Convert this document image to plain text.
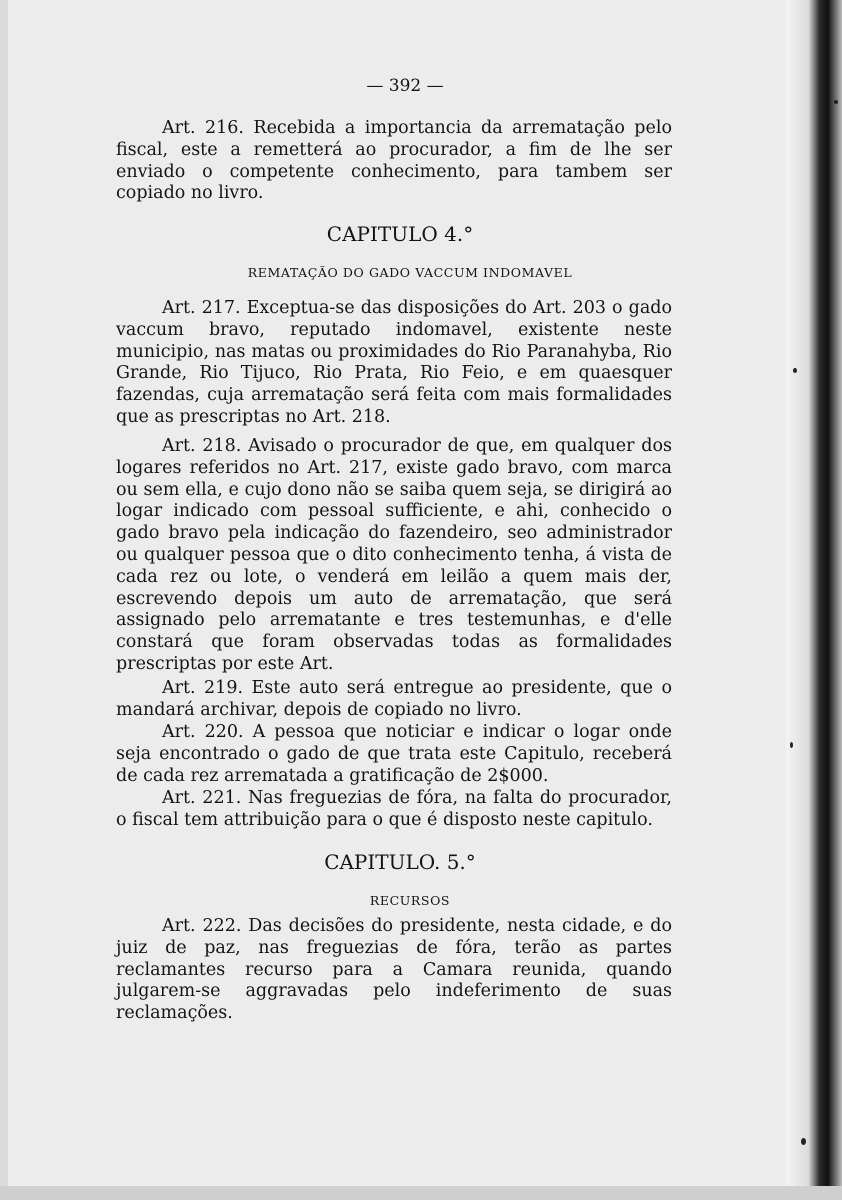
— 392 —
Art. 216. Recebida a importancia da arrematação pelo fiscal, este a remetterá ao procurador, a fim de lhe ser enviado o competente conhecimento, para tambem ser copiado no livro.
CAPITULO 4.°
REMATAÇÃO DO GADO VACCUM INDOMAVEL
Art. 217. Exceptua-se das disposições do Art. 203 o gado vaccum bravo, reputado indomavel, existente neste municipio, nas matas ou proximidades do Rio Paranahyba, Rio Grande, Rio Tijuco, Rio Prata, Rio Feio, e em quaesquer fazendas, cuja arrematação será feita com mais formalidades que as prescriptas no Art. 218.
Art. 218. Avisado o procurador de que, em qualquer dos logares referidos no Art. 217, existe gado bravo, com marca ou sem ella, e cujo dono não se saiba quem seja, se dirigirá ao logar indicado com pessoal sufficiente, e ahi, conhecido o gado bravo pela indicação do fazendeiro, seo administrador ou qualquer pessoa que o dito conhecimento tenha, á vista de cada rez ou lote, o venderá em leilão a quem mais der, escrevendo depois um auto de arrematação, que será assignado pelo arrematante e tres testemunhas, e d'elle constará que foram observadas todas as formalidades prescriptas por este Art.
Art. 219. Este auto será entregue ao presidente, que o mandará archivar, depois de copiado no livro.
Art. 220. A pessoa que noticiar e indicar o logar onde seja encontrado o gado de que trata este Capitulo, receberá de cada rez arrematada a gratificação de 2$000.
Art. 221. Nas freguezias de fóra, na falta do procurador, o fiscal tem attribuição para o que é disposto neste capitulo.
CAPITULO. 5.°
RECURSOS
Art. 222. Das decisões do presidente, nesta cidade, e do juiz de paz, nas freguezias de fóra, terão as partes reclamantes recurso para a Camara reunida, quando julgarem-se aggravadas pelo indeferimento de suas reclamações.
